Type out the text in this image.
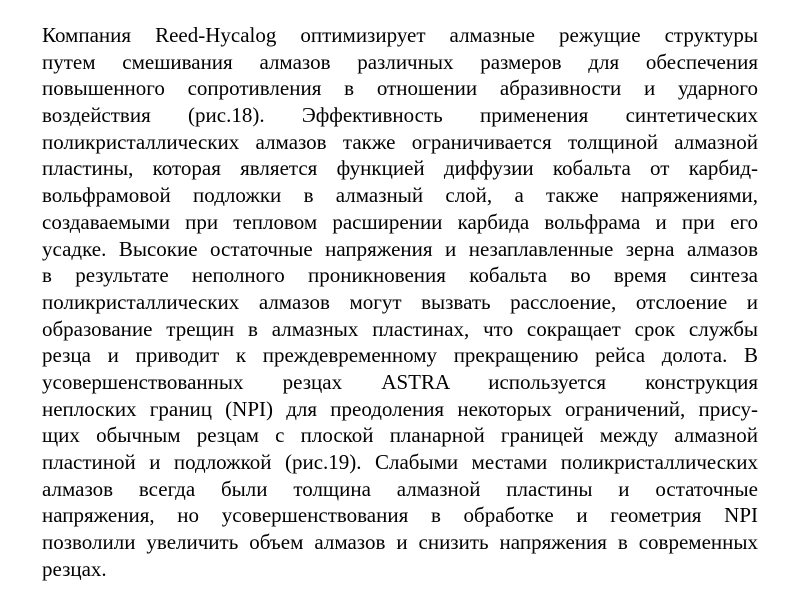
Компания Reed-Hycalog оптимизирует алмазные режущие структуры
путем смешивания алмазов различных размеров для обеспечения
повышенного сопротивления в отношении абразивности и ударного
воздействия (рис.18). Эффективность применения синтетических
поликристаллических алмазов также ограничивается толщиной алмазной
пластины, которая является функцией диффузии кобальта от карбид-
вольфрамовой подложки в алмазный слой, а также напряжениями,
создаваемыми при тепловом расширении карбида вольфрама и при его
усадке. Высокие остаточные напряжения и незаплавленные зерна алмазов
в результате неполного проникновения кобальта во время синтеза
поликристаллических алмазов могут вызвать расслоение, отслоение и
образование трещин в алмазных пластинах, что сокращает срок службы
резца и приводит к преждевременному прекращению рейса долота. В
усовершенствованных резцах ASTRA используется конструкция
неплоских границ (NPI) для преодоления некоторых ограничений, прису-
щих обычным резцам с плоской планарной границей между алмазной
пластиной и подложкой (рис.19). Слабыми местами поликристаллических
алмазов всегда были толщина алмазной пластины и остаточные
напряжения, но усовершенствования в обработке и геометрия NPI
позволили увеличить объем алмазов и снизить напряжения в современных
резцах.
